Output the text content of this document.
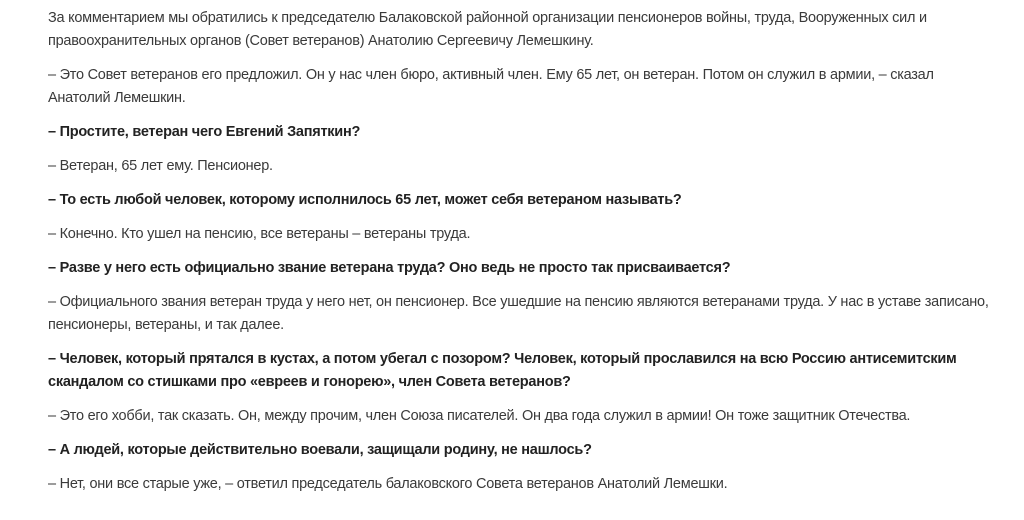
За комментарием мы обратились к председателю Балаковской районной организации пенсионеров войны, труда, Вооруженных сил и правоохранительных органов (Совет ветеранов) Анатолию Сергеевичу Лемешкину.

– Это Совет ветеранов его предложил. Он у нас член бюро, активный член. Ему 65 лет, он ветеран. Потом он служил в армии, – сказал Анатолий Лемешкин.

– Простите, ветеран чего Евгений Запяткин?

– Ветеран, 65 лет ему. Пенсионер.

– То есть любой человек, которому исполнилось 65 лет, может себя ветераном называть?

– Конечно. Кто ушел на пенсию, все ветераны – ветераны труда.

– Разве у него есть официально звание ветерана труда? Оно ведь не просто так присваивается?

– Официального звания ветеран труда у него нет, он пенсионер. Все ушедшие на пенсию являются ветеранами труда. У нас в уставе записано, пенсионеры, ветераны, и так далее.

– Человек, который прятался в кустах, а потом убегал с позором? Человек, который прославился на всю Россию антисемитским скандалом со стишками про «евреев и гонорею», член Совета ветеранов?

– Это его хобби, так сказать. Он, между прочим, член Союза писателей. Он два года служил в армии! Он тоже защитник Отечества.

– А людей, которые действительно воевали, защищали родину, не нашлось?

– Нет, они все старые уже, – ответил председатель балаковского Совета ветеранов Анатолий Лемешки.
